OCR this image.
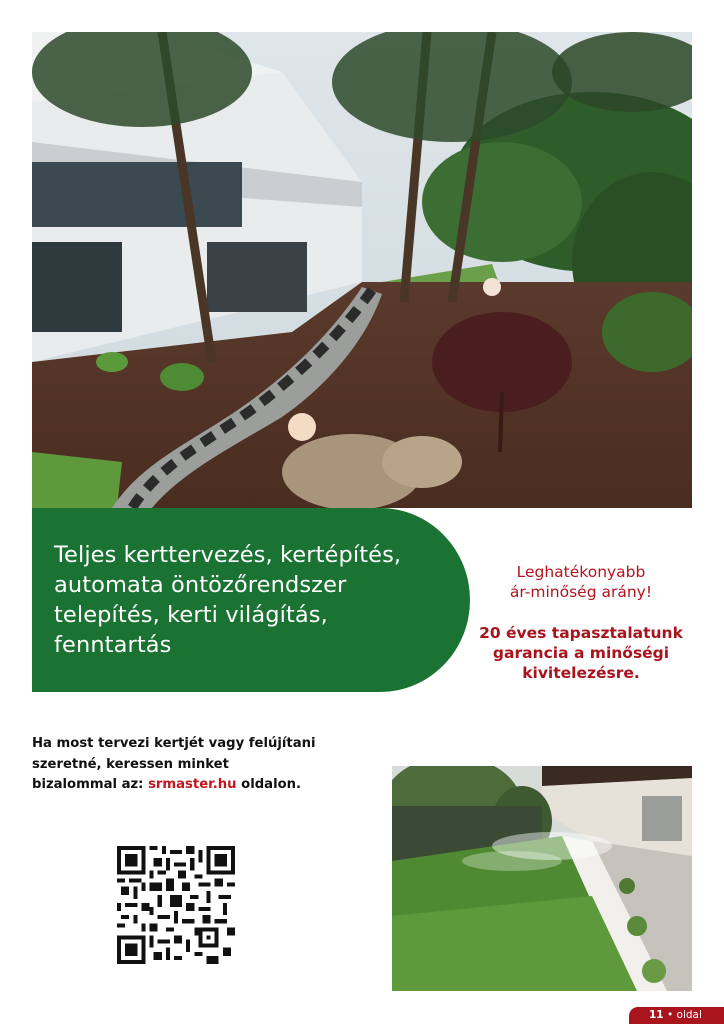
Teljes kerttervezés, kertépítés,
automata öntözőrendszer
telepítés, kerti világítás,
fenntartás
Leghatékonyabb
ár-minőség arány!
20 éves tapasztalatunk
garancia a minőségi
kivitelezésre.
Ha most tervezi kertjét vagy felújítani
szeretné, keressen minket
bizalommal az: srmaster.hu oldalon.
11 • oldal
